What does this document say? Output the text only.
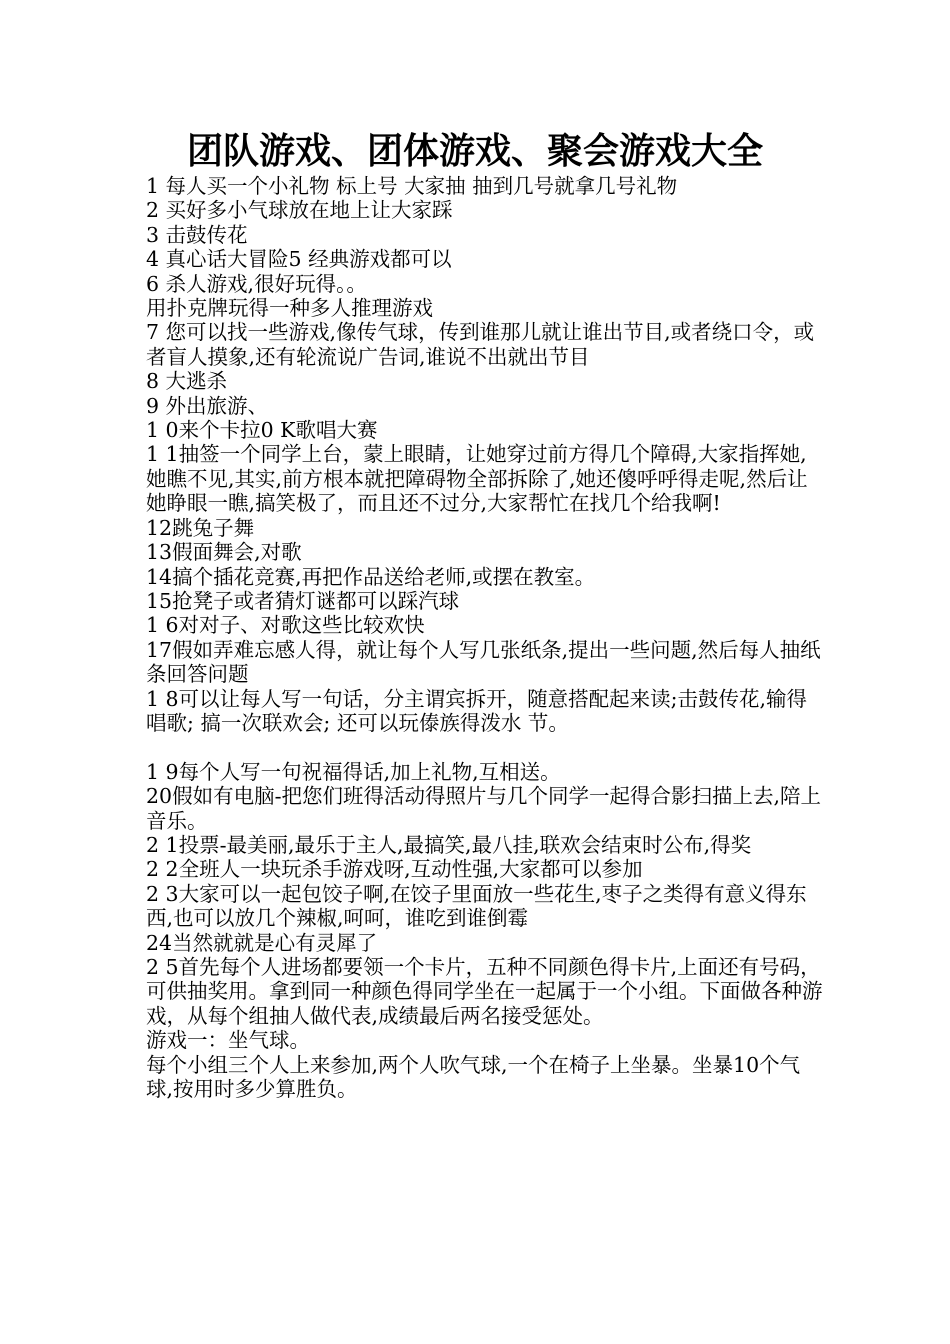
团队游戏、团体游戏、聚会游戏大全

1 每人买一个小礼物 标上号 大家抽 抽到几号就拿几号礼物

2 买好多小气球放在地上让大家踩

3 击鼓传花

4 真心话大冒险5 经典游戏都可以

6 杀人游戏,很好玩得。。

用扑克牌玩得一种多人推理游戏

7 您可以找一些游戏,像传气球，传到谁那儿就让谁出节目,或者绕口令，或者盲人摸象,还有轮流说广告词,谁说不出就出节目

8 大逃杀

9 外出旅游、

1 0来个卡拉0 K歌唱大赛

1 1抽签一个同学上台，蒙上眼睛，让她穿过前方得几个障碍,大家指挥她,她瞧不见,其实,前方根本就把障碍物全部拆除了,她还傻呼呼得走呢,然后让她睁眼一瞧,搞笑极了，而且还不过分,大家帮忙在找几个给我啊!

12跳兔子舞

13假面舞会,对歌

14搞个插花竞赛,再把作品送给老师,或摆在教室。

15抢凳子或者猜灯谜都可以踩汽球

1 6对对子、对歌这些比较欢快

17假如弄难忘感人得，就让每个人写几张纸条,提出一些问题,然后每人抽纸条回答问题

1 8可以让每人写一句话，分主谓宾拆开，随意搭配起来读;击鼓传花,输得唱歌; 搞一次联欢会; 还可以玩傣族得泼水 节。

1 9每个人写一句祝福得话,加上礼物,互相送。

20假如有电脑-把您们班得活动得照片与几个同学一起得合影扫描上去,陪上音乐。

2 1投票-最美丽,最乐于主人,最搞笑,最八挂,联欢会结束时公布,得奖

2 2全班人一块玩杀手游戏呀,互动性强,大家都可以参加

2 3大家可以一起包饺子啊,在饺子里面放一些花生,枣子之类得有意义得东西,也可以放几个辣椒,呵呵，谁吃到谁倒霉

24当然就就是心有灵犀了

2 5首先每个人进场都要领一个卡片，五种不同颜色得卡片,上面还有号码，可供抽奖用。拿到同一种颜色得同学坐在一起属于一个小组。下面做各种游戏，从每个组抽人做代表,成绩最后两名接受惩处。

游戏一：坐气球。

每个小组三个人上来参加,两个人吹气球,一个在椅子上坐暴。坐暴10个气球,按用时多少算胜负。
